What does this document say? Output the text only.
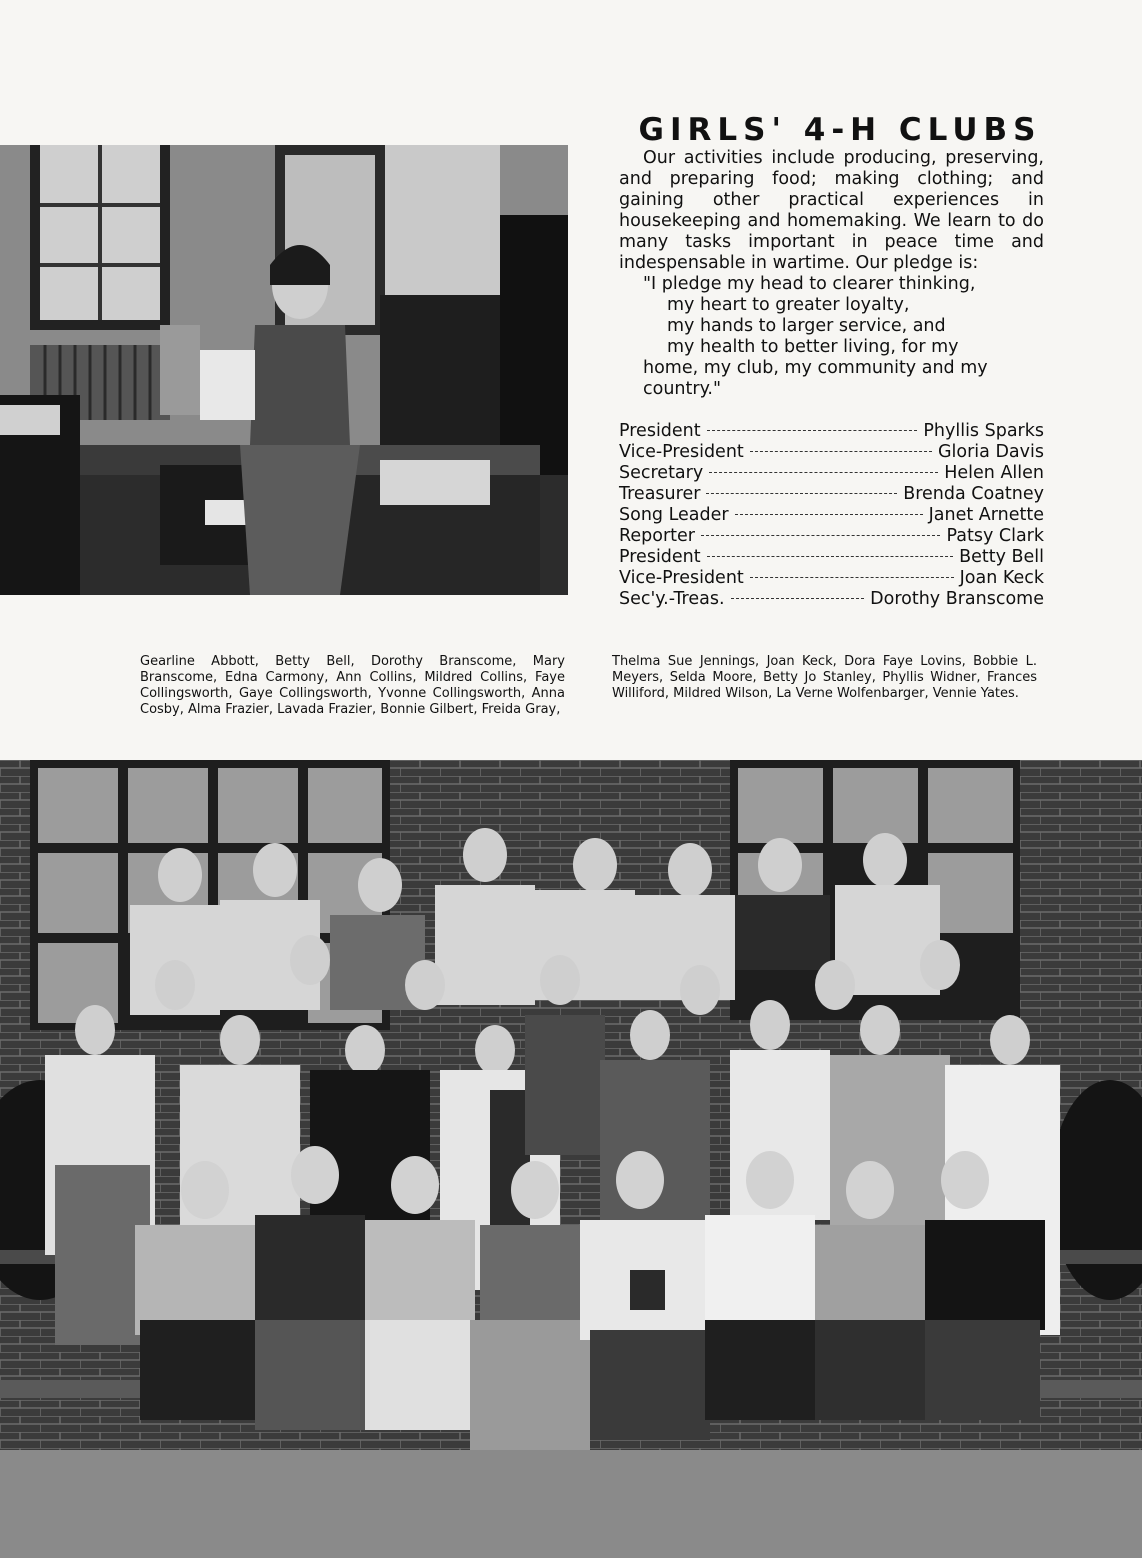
GIRLS' 4-H CLUBS

Our activities include producing, preserving, and preparing food; making clothing; and gaining other practical experiences in housekeeping and homemaking. We learn to do many tasks important in peace time and indespensable in wartime. Our pledge is:

"I pledge my head to clearer thinking,
my heart to greater loyalty,
my hands to larger service, and
my health to better living, for my
home, my club, my community and my
country."
President	Phyllis Sparks
Vice-President	Gloria Davis
Secretary	Helen Allen
Treasurer	Brenda Coatney
Song Leader	Janet Arnette
Reporter	Patsy Clark
President	Betty Bell
Vice-President	Joan Keck
Sec'y.-Treas.	Dorothy Branscome
Gearline Abbott, Betty Bell, Dorothy Branscome, Mary Branscome, Edna Carmony, Ann Collins, Mildred Collins, Faye Collingsworth, Gaye Collingsworth, Yvonne Collingsworth, Anna Cosby, Alma Frazier, Lavada Frazier, Bonnie Gilbert, Freida Gray,
Thelma Sue Jennings, Joan Keck, Dora Faye Lovins, Bobbie L. Meyers, Selda Moore, Betty Jo Stanley, Phyllis Widner, Frances Williford, Mildred Wilson, La Verne Wolfenbarger, Vennie Yates.
